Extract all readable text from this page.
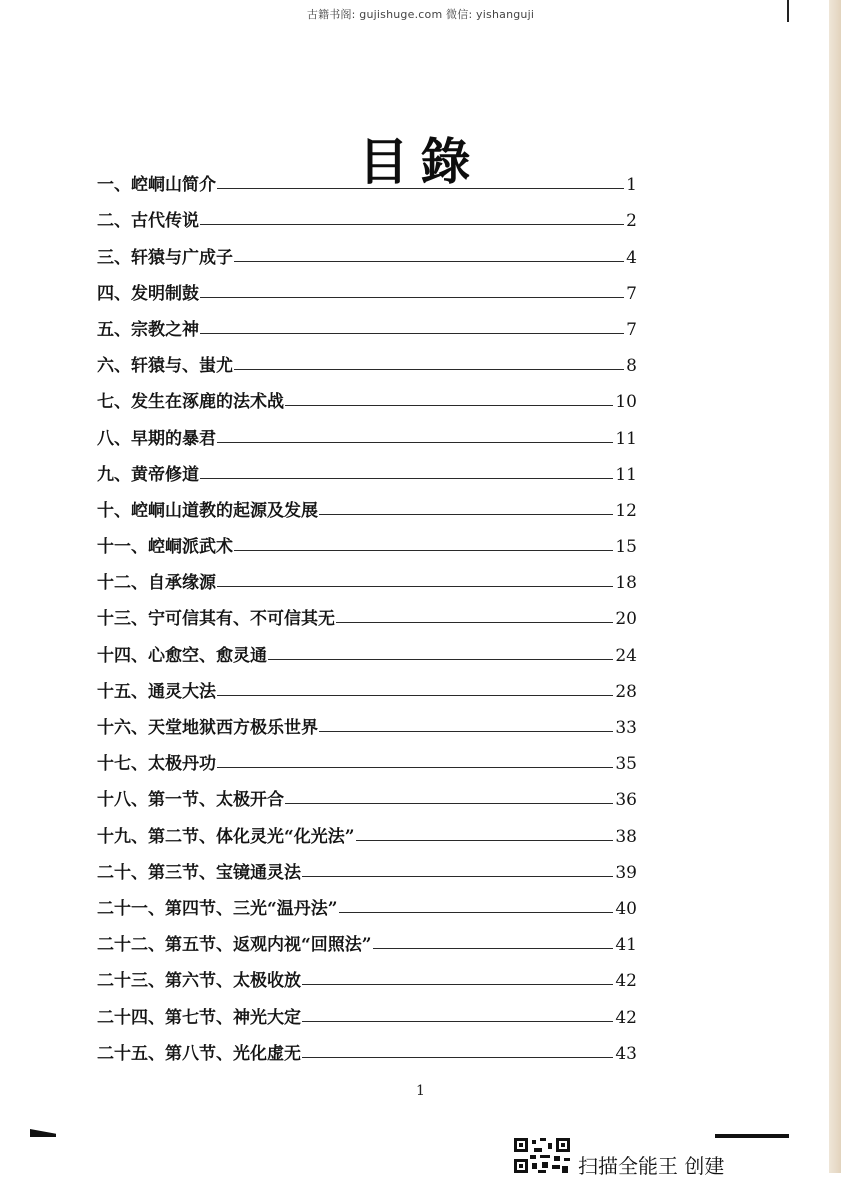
古籍书阁: gujishuge.com 微信: yishanguji
目錄
一、 崆峒山简介	1
二、 古代传说	2
三、 轩猿与广成子	4
四、 发明制鼓	7
五、 宗教之神	7
六、 轩猿与、蚩尤	8
七、 发生在涿鹿的法术战	10
八、 早期的暴君	11
九、 黄帝修道	11
十、 崆峒山道教的起源及发展	12
十一、 崆峒派武术	15
十二、 自承缘源	18
十三、 宁可信其有、不可信其无	20
十四、 心愈空、愈灵通	24
十五、 通灵大法	28
十六、 天堂地狱西方极乐世界	33
十七、 太极丹功	35
十八、 第一节、太极开合	36
十九、 第二节、体化灵光“化光法”	38
二十、 第三节、宝镜通灵法	39
二十一、 第四节、三光“温丹法”	40
二十二、 第五节、返观内视“回照法”	41
二十三、 第六节、太极收放	42
二十四、 第七节、神光大定	42
二十五、 第八节、光化虚无	43
1
扫描全能王 创建
